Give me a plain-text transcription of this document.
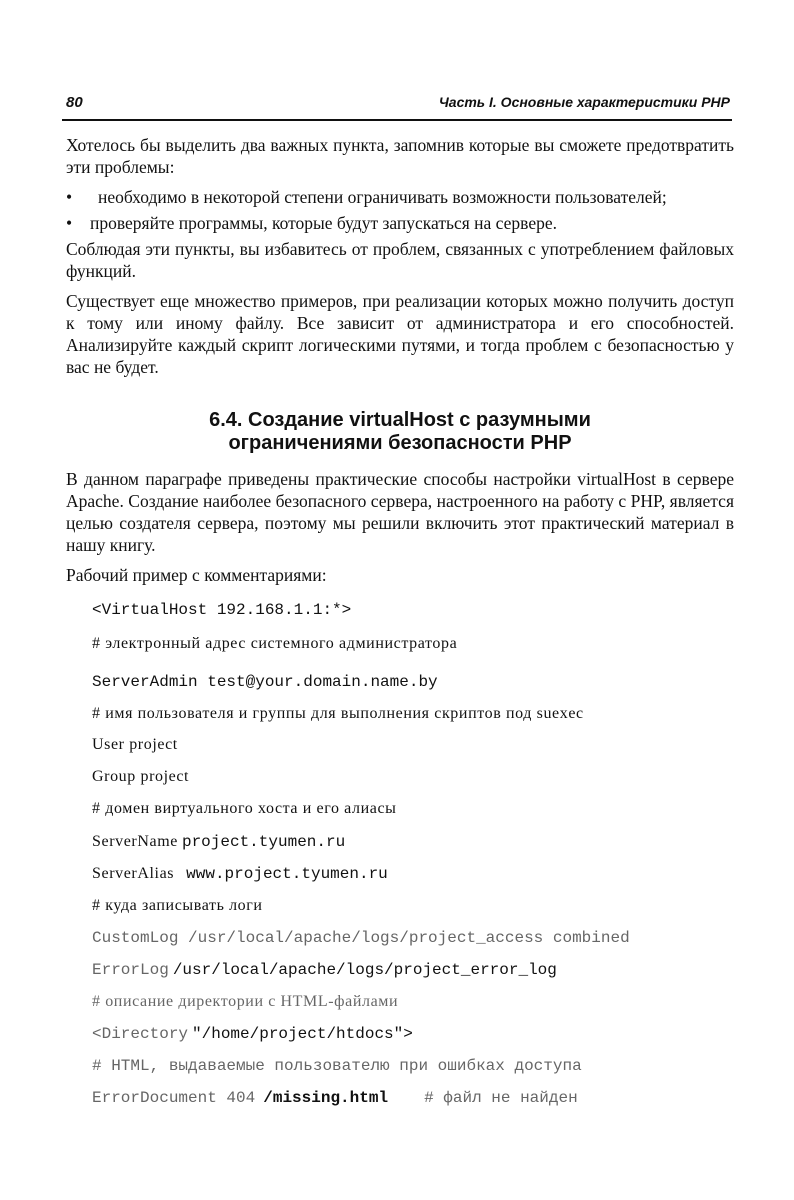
80	Часть I. Основные характеристики PHP
Хотелось бы выделить два важных пункта, запомнив которые вы сможете предотвратить эти проблемы:
• необходимо в некоторой степени ограничивать возможности пользователей;
• проверяйте программы, которые будут запускаться на сервере.
Соблюдая эти пункты, вы избавитесь от проблем, связанных с употреблением файловых функций.
Существует еще множество примеров, при реализации которых можно получить доступ к тому или иному файлу. Все зависит от администратора и его способностей. Анализируйте каждый скрипт логическими путями, и тогда проблем с безопасностью у вас не будет.
6.4. Создание virtualHost с разумными
ограничениями безопасности PHP
В данном параграфе приведены практические способы настройки virtualHost в сервере Apache. Создание наиболее безопасного сервера, настроенного на работу с PHP, является целью создателя сервера, поэтому мы решили включить этот практический материал в нашу книгу.
Рабочий пример с комментариями:
<VirtualHost 192.168.1.1:*>
# электронный адрес системного администратора
ServerAdmin test@your.domain.name.by
# имя пользователя и группы для выполнения скриптов под suexec
User project
Group project
# домен виртуального хоста и его алиасы
ServerName project.tyumen.ru
ServerAlias www.project.tyumen.ru
# куда записывать логи
CustomLog /usr/local/apache/logs/project_access combined
ErrorLog /usr/local/apache/logs/project_error_log
# описание директории с HTML-файлами
<Directory "/home/project/htdocs">
# HTML, выдаваемые пользователю при ошибках доступа
ErrorDocument 404 /missing.html # файл не найден
